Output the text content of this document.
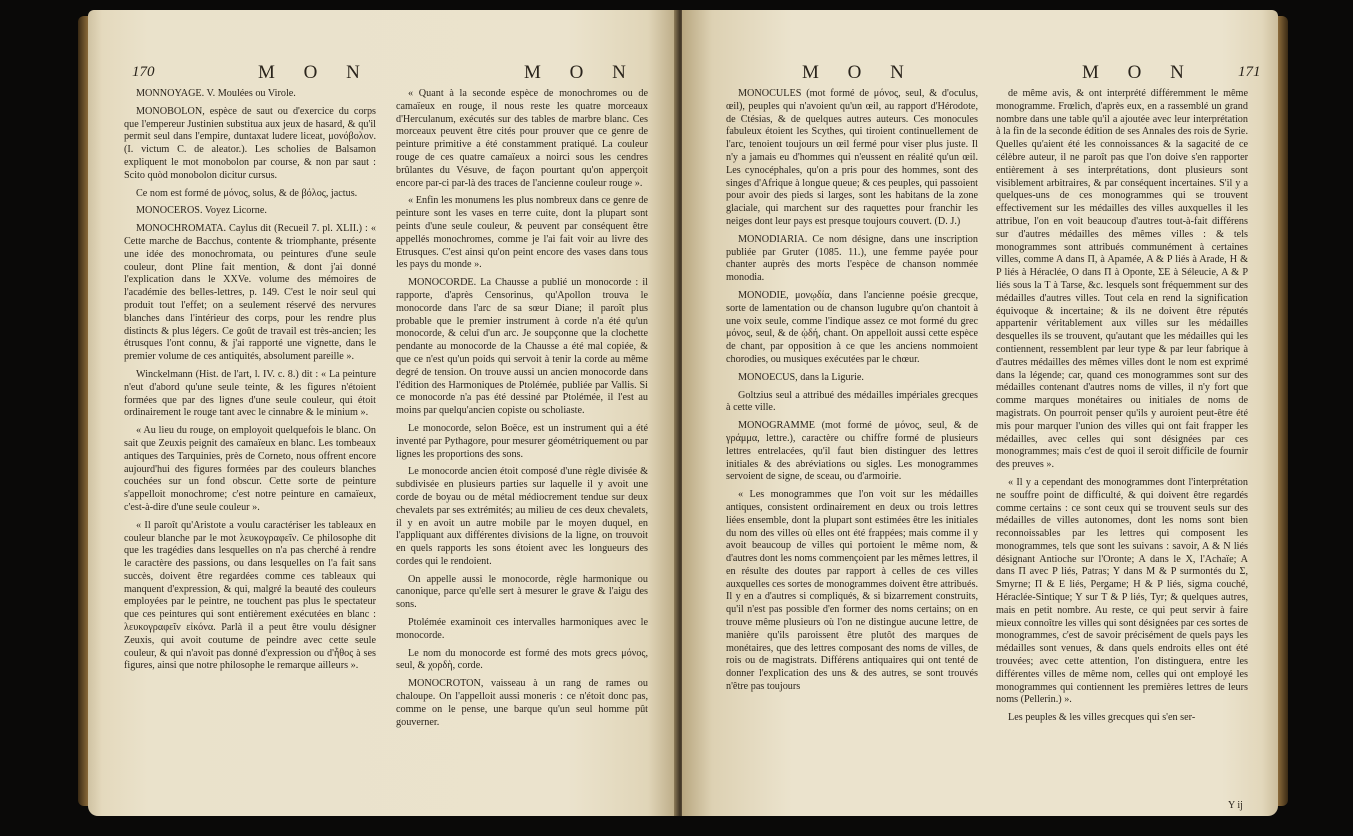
170	M O N	M O N

MONNOYAGE. V. Moulées ou Virole.

MONOBOLON, espèce de saut ou d'exercice du corps que l'empereur Justinien substitua aux jeux de hasard, & qu'il permit seul dans l'empire, duntaxat ludere liceat, μονόβολον. (I. victum C. de aleator.). Les scholies de Balsamon expliquent le mot monobolon par course, & non par saut : Scito quòd monobolon dicitur cursus.

Ce nom est formé de μόνος, solus, & de βόλος, jactus.

MONOCEROS. Voyez Licorne.

MONOCHROMATA. Caylus dit (Recueil 7. pl. XLII.) : « Cette marche de Bacchus, contente & triomphante, présente une idée des monochromata, ou peintures d'une seule couleur, dont Pline fait mention, & dont j'ai donné l'explication dans le XXVe. volume des mémoires de l'académie des belles-lettres, p. 149. C'est le noir seul qui produit tout l'effet; on a seulement réservé des nervures blanches dans l'intérieur des corps, pour les rendre plus distincts & plus légers. Ce goût de travail est très-ancien; les étrusques l'ont connu, & j'ai rapporté une vignette, dans le premier volume de ces antiquités, absolument pareille ».

Winckelmann (Hist. de l'art, l. IV. c. 8.) dit : « La peinture n'eut d'abord qu'une seule teinte, & les figures n'étoient formées que par des lignes d'une seule couleur, qui étoit ordinairement le rouge tant avec le cinnabre & le minium ».

« Au lieu du rouge, on employoit quelquefois le blanc. On sait que Zeuxis peignit des camaïeux en blanc. Les tombeaux antiques des Tarquinies, près de Corneto, nous offrent encore aujourd'hui des figures formées par des couleurs blanches couchées sur un fond obscur. Cette sorte de peinture s'appelloit monochrome; c'est notre peinture en camaïeux, c'est-à-dire d'une seule couleur ».

« Il paroît qu'Aristote a voulu caractériser les tableaux en couleur blanche par le mot λευκογραφεῖν. Ce philosophe dit que les tragédies dans lesquelles on n'a pas cherché à rendre le caractère des passions, ou dans lesquelles on l'a fait sans succès, doivent être regardées comme ces tableaux qui manquent d'expression, & qui, malgré la beauté des couleurs employées par le peintre, ne touchent pas plus le spectateur que ces peintures qui sont entièrement exécutées en blanc : λευκογραφεῖν εἰκόνα. Parlà il a peut être voulu désigner Zeuxis, qui avoit coutume de peindre avec cette seule couleur, & qui n'avoit pas donné d'expression ou d'ἦθος à ses figures, ainsi que notre philosophe le remarque ailleurs ».

« Quant à la seconde espèce de monochromes ou de camaïeux en rouge, il nous reste les quatre morceaux d'Herculanum, exécutés sur des tables de marbre blanc. Ces morceaux peuvent être cités pour prouver que ce genre de peinture primitive a été constamment pratiqué. La couleur rouge de ces quatre camaïeux a noirci sous les cendres brûlantes du Vésuve, de façon pourtant qu'on apperçoit encore par-ci par-là des traces de l'ancienne couleur rouge ».

« Enfin les monumens les plus nombreux dans ce genre de peinture sont les vases en terre cuite, dont la plupart sont peints d'une seule couleur, & peuvent par conséquent être appellés monochromes, comme je l'ai fait voir au livre des Etrusques. C'est ainsi qu'on peint encore des vases dans tous les pays du monde ».

MONOCORDE. La Chausse a publié un monocorde : il rapporte, d'après Censorinus, qu'Apollon trouva le monocorde dans l'arc de sa sœur Diane; il paroît plus probable que le premier instrument à corde n'a été qu'un monocorde, & celui d'un arc. Je soupçonne que la clochette pendante au monocorde de la Chausse a été mal copiée, & que ce n'est qu'un poids qui servoit à tenir la corde au même degré de tension. On trouve aussi un ancien monocorde dans l'édition des Harmoniques de Ptolémée, publiée par Vallis. Si ce monocorde n'a pas été dessiné par Ptolémée, il l'est au moins par quelqu'ancien copiste ou scholiaste.

Le monocorde, selon Boëce, est un instrument qui a été inventé par Pythagore, pour mesurer géométriquement ou par lignes les proportions des sons.

Le monocorde ancien étoit composé d'une règle divisée & subdivisée en plusieurs parties sur laquelle il y avoit une corde de boyau ou de métal médiocrement tendue sur deux chevalets par ses extrémités; au milieu de ces deux chevalets, il y en avoit un autre mobile par le moyen duquel, en l'appliquant aux différentes divisions de la ligne, on trouvoit en quels rapports les sons étoient avec les longueurs des cordes qui le rendoient.

On appelle aussi le monocorde, règle harmonique ou canonique, parce qu'elle sert à mesurer le grave & l'aigu des sons.

Ptolémée examinoit ces intervalles harmoniques avec le monocorde.

Le nom du monocorde est formé des mots grecs μόνος, seul, & χορδὴ, corde.

MONOCROTON, vaisseau à un rang de rames ou chaloupe. On l'appelloit aussi moneris : ce n'étoit donc pas, comme on le pense, une barque qu'un seul homme pût gouverner.

M O N	M O N	171

MONOCULES (mot formé de μόνος, seul, & d'oculus, œil), peuples qui n'avoient qu'un œil, au rapport d'Hérodote, de Ctésias, & de quelques autres auteurs. Ces monocules fabuleux étoient les Scythes, qui tiroient continuellement de l'arc, tenoient toujours un œil fermé pour viser plus juste. Il n'y a jamais eu d'hommes qui n'eussent en réalité qu'un œil. Les cynocéphales, qu'on a pris pour des hommes, sont des singes d'Afrique à longue queue; & ces peuples, qui passoient pour avoir des pieds si larges, sont les habitans de la zone glaciale, qui marchent sur des raquettes pour franchir les neiges dont leur pays est presque toujours couvert. (D. J.)

MONODIARIA. Ce nom désigne, dans une inscription publiée par Gruter (1085. 11.), une femme payée pour chanter auprès des morts l'espèce de chanson nommée monodia.

MONODIE, μονῳδία, dans l'ancienne poésie grecque, sorte de lamentation ou de chanson lugubre qu'on chantoit à une voix seule, comme l'indique assez ce mot formé du grec μόνος, seul, & de ᾠδή, chant. On appelloit aussi cette espèce de chant, par opposition à ce que les anciens nommoient chorodies, ou musiques exécutées par le chœur.

MONOECUS, dans la Ligurie.

Goltzius seul a attribué des médailles impériales grecques à cette ville.

MONOGRAMME (mot formé de μόνος, seul, & de γράμμα, lettre.), caractère ou chiffre formé de plusieurs lettres entrelacées, qu'il faut bien distinguer des lettres initiales & des abréviations ou sigles. Les monogrammes servoient de signe, de sceau, ou d'armoirie.

« Les monogrammes que l'on voit sur les médailles antiques, consistent ordinairement en deux ou trois lettres liées ensemble, dont la plupart sont estimées être les initiales du nom des villes où elles ont été frappées; mais comme il y avoit beaucoup de villes qui portoient le même nom, & d'autres dont les noms commençoient par les mêmes lettres, il en résulte des doutes par rapport à celles de ces villes auxquelles ces sortes de monogrammes doivent être attribués. Il y en a d'autres si compliqués, & si bizarrement construits, qu'il n'est pas possible d'en former des noms certains; on en trouve même plusieurs où l'on ne distingue aucune lettre, de manière qu'ils paroissent être plutôt des marques de monétaires, que des lettres composant des noms de villes, de rois ou de magistrats. Différens antiquaires qui ont tenté de donner l'explication des uns & des autres, se sont trouvés n'être pas toujours

de même avis, & ont interprété différemment le même monogramme. Frœlich, d'après eux, en a rassemblé un grand nombre dans une table qu'il a ajoutée avec leur interprétation à la fin de la seconde édition de ses Annales des rois de Syrie. Quelles qu'aient été les connoissances & la sagacité de ce célèbre auteur, il ne paroît pas que l'on doive s'en rapporter entièrement à ses interprétations, dont plusieurs sont visiblement arbitraires, & par conséquent incertaines. S'il y a quelques-uns de ces monogrammes qui se trouvent effectivement sur les médailles des villes auxquelles il les attribue, l'on en voit beaucoup d'autres tout-à-fait différens sur d'autres médailles des mêmes villes : & tels monogrammes sont attribués communément à certaines villes, comme A dans Π, à Apamée, A & P liés à Arade, H & P liés à Héraclée, O dans Π à Oponte, ΣΕ à Séleucie, A & P liés sous la T à Tarse, &c. lesquels sont fréquemment sur des médailles d'autres villes. Tout cela en rend la signification équivoque & incertaine; & ils ne doivent être réputés appartenir véritablement aux villes sur les médailles desquelles ils se trouvent, qu'autant que les médailles qui les contiennent, ressemblent par leur type & par leur fabrique à d'autres médailles des mêmes villes dont le nom est exprimé dans la légende; car, quand ces monogrammes sont sur des médailles contenant d'autres noms de villes, il n'y fort que comme marques monétaires ou initiales de noms de magistrats. On pourroit penser qu'ils y auroient peut-être été mis pour marquer l'union des villes qui ont fait frapper les médailles, avec celles qui sont désignées par ces monogrammes; mais c'est de quoi il seroit difficile de fournir des preuves ».

« Il y a cependant des monogrammes dont l'interprétation ne souffre point de difficulté, & qui doivent être regardés comme certains : ce sont ceux qui se trouvent seuls sur des médailles de villes autonomes, dont les noms sont bien reconnoissables par les lettres qui composent les monogrammes, tels que sont les suivans : savoir, A & N liés désignant Antioche sur l'Oronte; A dans le X, l'Achaïe; A dans Π avec P liés, Patras; Y dans M & P surmontés du Σ, Smyrne; Π & E liés, Pergame; H & P liés, sigma couché, Héraclée-Sintique; Y sur T & P liés, Tyr; & quelques autres, mais en petit nombre. Au reste, ce qui peut servir à faire mieux connoître les villes qui sont désignées par ces sortes de monogrammes, c'est de savoir précisément de quels pays les médailles sont venues, & dans quels endroits elles ont été trouvées; avec cette attention, l'on distinguera, entre les différentes villes de même nom, celles qui ont employé les monogrammes qui contiennent les premières lettres de leurs noms (Pellerin.) ».

Les peuples & les villes grecques qui s'en ser-

Y ij
